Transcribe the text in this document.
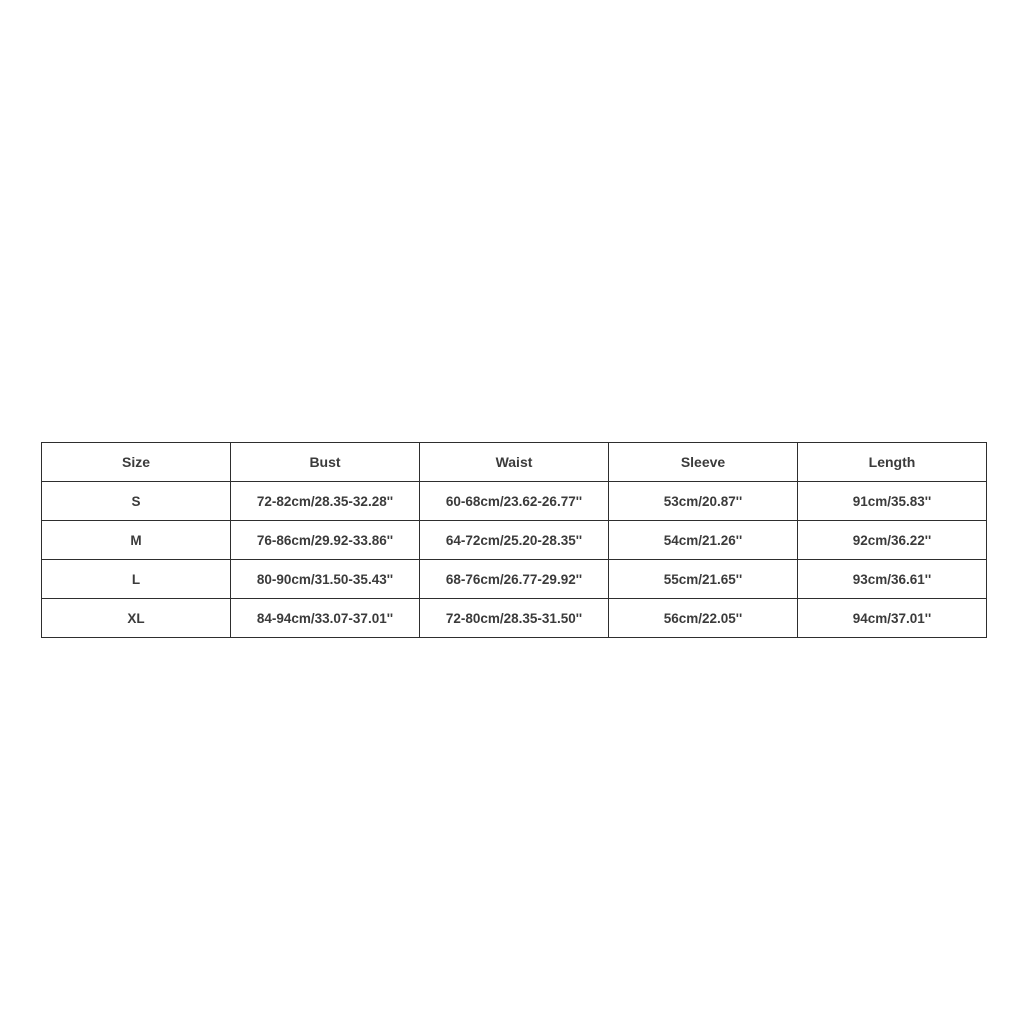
Size	Bust	Waist	Sleeve	Length
S	72-82cm/28.35-32.28''	60-68cm/23.62-26.77''	53cm/20.87''	91cm/35.83''
M	76-86cm/29.92-33.86''	64-72cm/25.20-28.35''	54cm/21.26''	92cm/36.22''
L	80-90cm/31.50-35.43''	68-76cm/26.77-29.92''	55cm/21.65''	93cm/36.61''
XL	84-94cm/33.07-37.01''	72-80cm/28.35-31.50''	56cm/22.05''	94cm/37.01''
